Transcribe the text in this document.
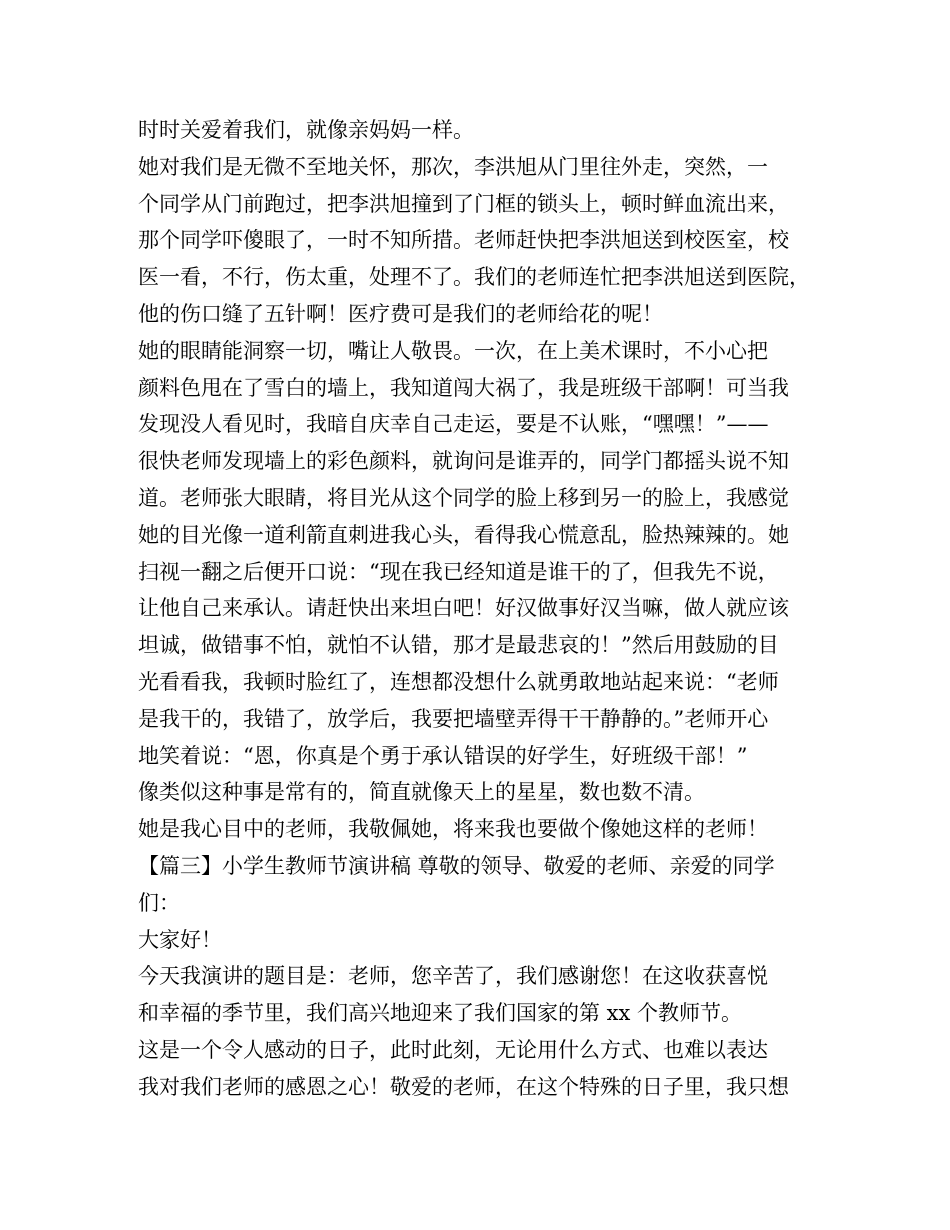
时时关爱着我们，就像亲妈妈一样。
她对我们是无微不至地关怀，那次，李洪旭从门里往外走，突然，一
个同学从门前跑过，把李洪旭撞到了门框的锁头上，顿时鲜血流出来，
那个同学吓傻眼了，一时不知所措。老师赶快把李洪旭送到校医室，校
医一看，不行，伤太重，处理不了。我们的老师连忙把李洪旭送到医院，
他的伤口缝了五针啊！医疗费可是我们的老师给花的呢！
她的眼睛能洞察一切，嘴让人敬畏。一次，在上美术课时，不小心把
颜料色甩在了雪白的墙上，我知道闯大祸了，我是班级干部啊！可当我
发现没人看见时，我暗自庆幸自己走运，要是不认账，“嘿嘿！”——
很快老师发现墙上的彩色颜料，就询问是谁弄的，同学门都摇头说不知
道。老师张大眼睛，将目光从这个同学的脸上移到另一的脸上，我感觉
她的目光像一道利箭直刺进我心头，看得我心慌意乱，脸热辣辣的。她
扫视一翻之后便开口说：“现在我已经知道是谁干的了，但我先不说，
让他自己来承认。请赶快出来坦白吧！好汉做事好汉当嘛，做人就应该
坦诚，做错事不怕，就怕不认错，那才是最悲哀的！”然后用鼓励的目
光看看我，我顿时脸红了，连想都没想什么就勇敢地站起来说：“老师
是我干的，我错了，放学后，我要把墙壁弄得干干静静的。”老师开心
地笑着说：“恩，你真是个勇于承认错误的好学生，好班级干部！”
像类似这种事是常有的，简直就像天上的星星，数也数不清。
她是我心目中的老师，我敬佩她，将来我也要做个像她这样的老师！
【篇三】小学生教师节演讲稿 尊敬的领导、敬爱的老师、亲爱的同学
们：
大家好！
今天我演讲的题目是：老师，您辛苦了，我们感谢您！在这收获喜悦
和幸福的季节里，我们高兴地迎来了我们国家的第 xx 个教师节。
这是一个令人感动的日子，此时此刻，无论用什么方式、也难以表达
我对我们老师的感恩之心！敬爱的老师，在这个特殊的日子里，我只想
